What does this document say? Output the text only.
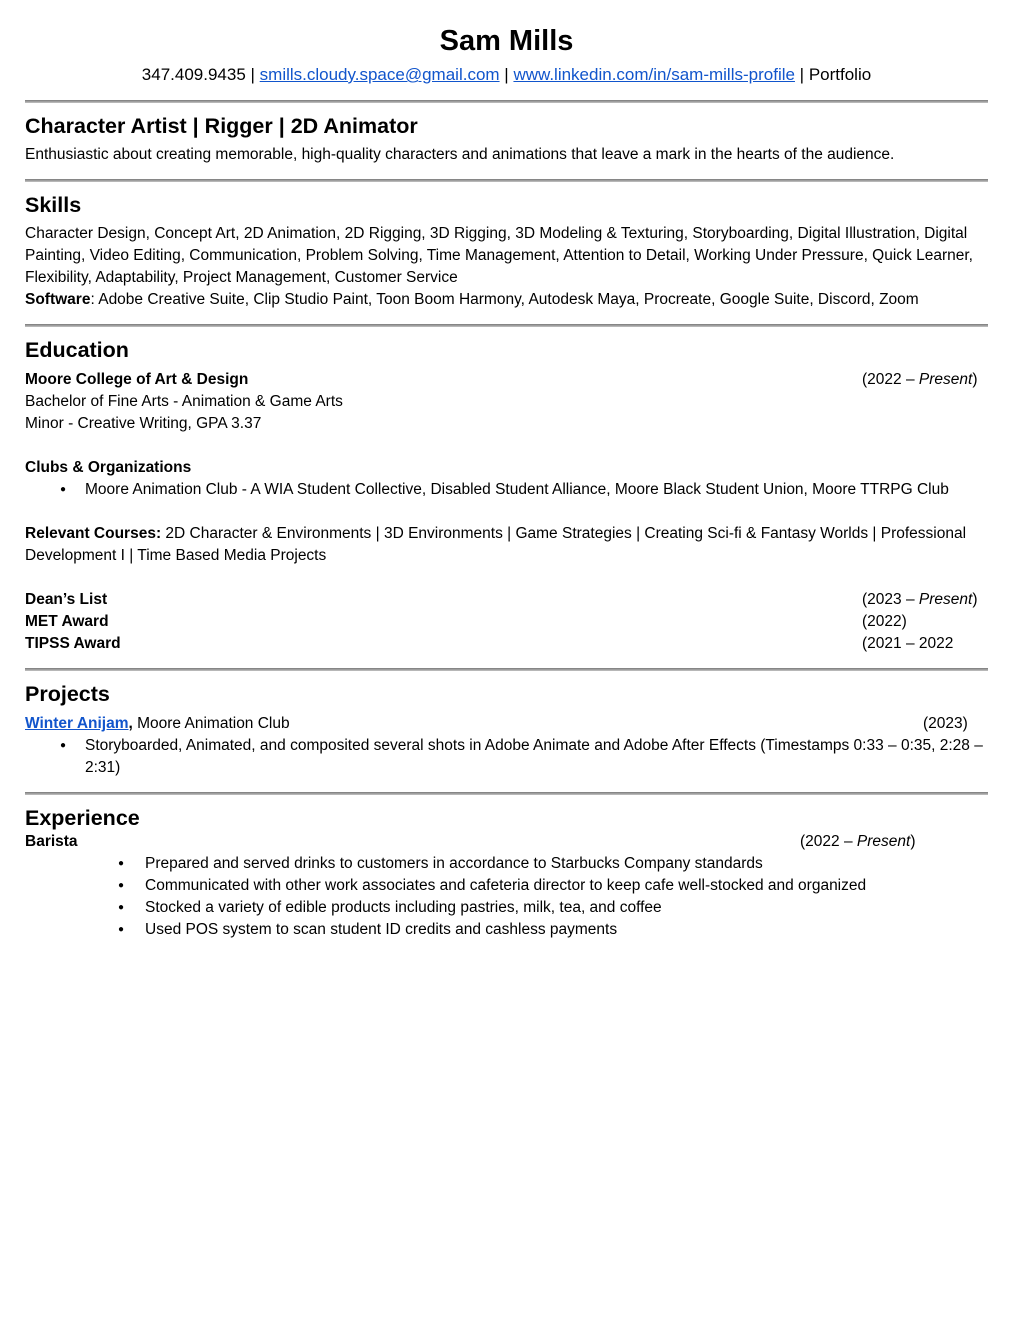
Sam Mills
347.409.9435 | smills.cloudy.space@gmail.com | www.linkedin.com/in/sam-mills-profile | Portfolio
Character Artist | Rigger | 2D Animator
Enthusiastic about creating memorable, high-quality characters and animations that leave a mark in the hearts of the audience.
Skills
Character Design, Concept Art, 2D Animation, 2D Rigging, 3D Rigging, 3D Modeling & Texturing, Storyboarding, Digital Illustration, Digital Painting, Video Editing, Communication, Problem Solving, Time Management, Attention to Detail, Working Under Pressure, Quick Learner, Flexibility, Adaptability, Project Management, Customer Service
Software: Adobe Creative Suite, Clip Studio Paint, Toon Boom Harmony, Autodesk Maya, Procreate, Google Suite, Discord, Zoom
Education
Moore College of Art & Design	(2022 – Present)
Bachelor of Fine Arts - Animation & Game Arts
Minor - Creative Writing, GPA 3.37
Clubs & Organizations
●	Moore Animation Club - A WIA Student Collective, Disabled Student Alliance, Moore Black Student Union, Moore TTRPG Club
Relevant Courses: 2D Character & Environments | 3D Environments | Game Strategies | Creating Sci-fi & Fantasy Worlds | Professional Development I | Time Based Media Projects
Dean’s List	(2023 – Present)
MET Award	(2022)
TIPSS Award	(2021 – 2022
Projects
Winter Anijam, Moore Animation Club	(2023)
●	Storyboarded, Animated, and composited several shots in Adobe Animate and Adobe After Effects (Timestamps 0:33 – 0:35, 2:28 – 2:31)
Experience
Barista	(2022 – Present)
●	Prepared and served drinks to customers in accordance to Starbucks Company standards
●	Communicated with other work associates and cafeteria director to keep cafe well-stocked and organized
●	Stocked a variety of edible products including pastries, milk, tea, and coffee
●	Used POS system to scan student ID credits and cashless payments
